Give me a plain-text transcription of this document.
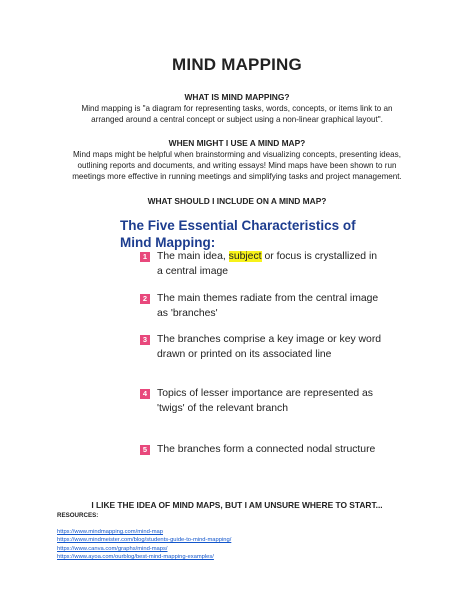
MIND MAPPING
WHAT IS MIND MAPPING?
Mind mapping is "a diagram for representing tasks, words, concepts, or items link to an
arranged around a central concept or subject using a non-linear graphical layout".
WHEN MIGHT I USE A MIND MAP?
Mind maps might be helpful when brainstorming and visualizing concepts, presenting ideas,
outlining reports and documents, and writing essays! Mind maps have been shown to run
meetings more effective in running meetings and simplifying tasks and project management.
WHAT SHOULD I INCLUDE ON A MIND MAP?
The Five Essential Characteristics of
Mind Mapping:
1 The main idea, subject or focus is crystallized in a central image
2 The main themes radiate from the central image as 'branches'
3 The branches comprise a key image or key word drawn or printed on its associated line
4 Topics of lesser importance are represented as 'twigs' of the relevant branch
5 The branches form a connected nodal structure
I LIKE THE IDEA OF MIND MAPS, BUT I AM UNSURE WHERE TO START...
RESOURCES:
https://www.mindmapping.com/mind-map
https://www.mindmeister.com/blog/students-guide-to-mind-mapping/
https://www.canva.com/graphs/mind-maps/
https://www.ayoa.com/ourblog/best-mind-mapping-examples/
